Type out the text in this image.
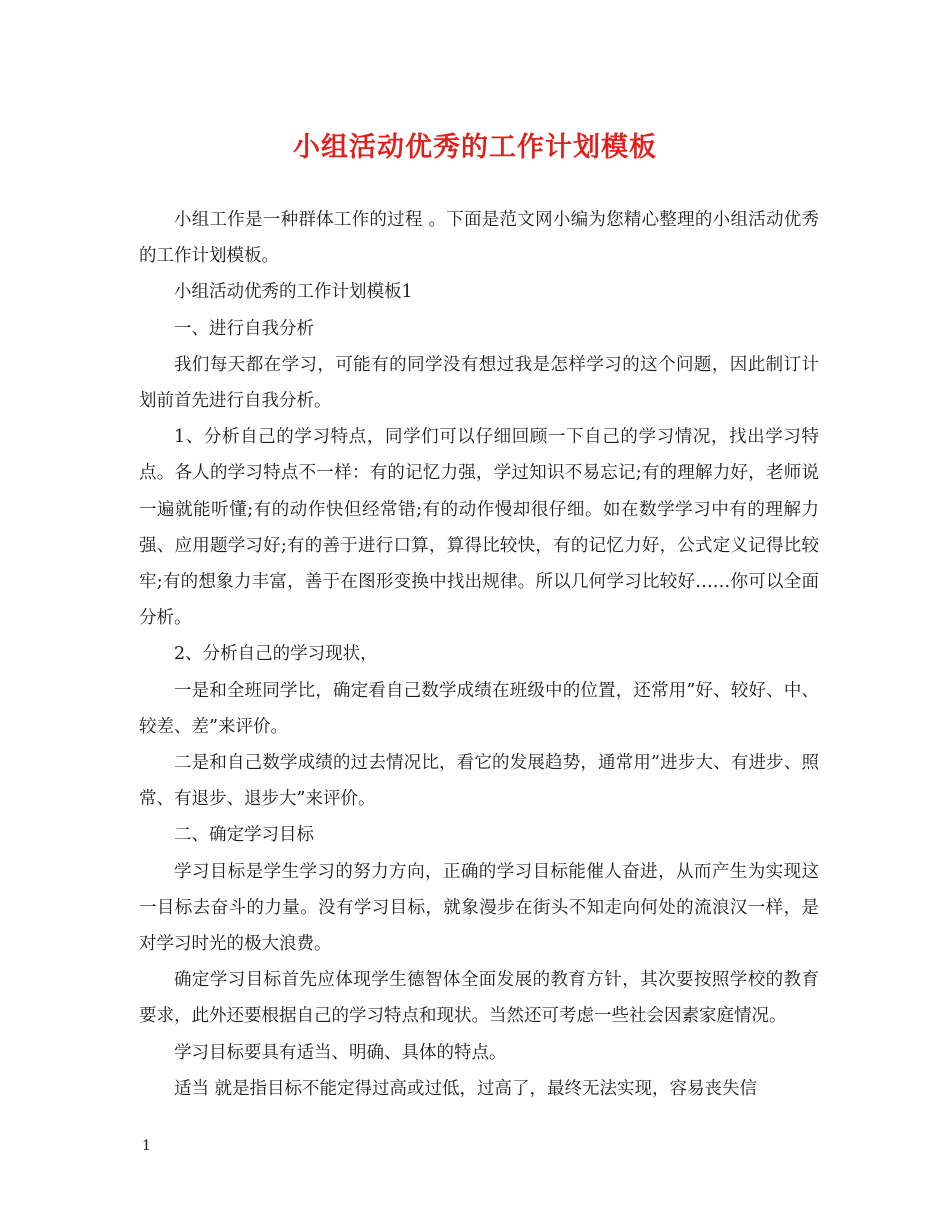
小组活动优秀的工作计划模板

小组工作是一种群体工作的过程 。下面是范文网小编为您精心整理的小组活动优秀的工作计划模板。

小组活动优秀的工作计划模板1

一、进行自我分析

我们每天都在学习，可能有的同学没有想过我是怎样学习的这个问题，因此制订计划前首先进行自我分析。

1、分析自己的学习特点，同学们可以仔细回顾一下自己的学习情况，找出学习特点。各人的学习特点不一样：有的记忆力强，学过知识不易忘记;有的理解力好，老师说一遍就能听懂;有的动作快但经常错;有的动作慢却很仔细。如在数学学习中有的理解力强、应用题学习好;有的善于进行口算，算得比较快，有的记忆力好，公式定义记得比较牢;有的想象力丰富，善于在图形变换中找出规律。所以几何学习比较好……你可以全面分析。

2、分析自己的学习现状，

一是和全班同学比，确定看自己数学成绩在班级中的位置，还常用”好、较好、中、较差、差”来评价。

二是和自己数学成绩的过去情况比，看它的发展趋势，通常用”进步大、有进步、照常、有退步、退步大”来评价。

二、确定学习目标

学习目标是学生学习的努力方向，正确的学习目标能催人奋进，从而产生为实现这一目标去奋斗的力量。没有学习目标，就象漫步在街头不知走向何处的流浪汉一样，是对学习时光的极大浪费。

确定学习目标首先应体现学生德智体全面发展的教育方针，其次要按照学校的教育要求，此外还要根据自己的学习特点和现状。当然还可考虑一些社会因素家庭情况。

学习目标要具有适当、明确、具体的特点。

适当 就是指目标不能定得过高或过低，过高了，最终无法实现，容易丧失信

1
